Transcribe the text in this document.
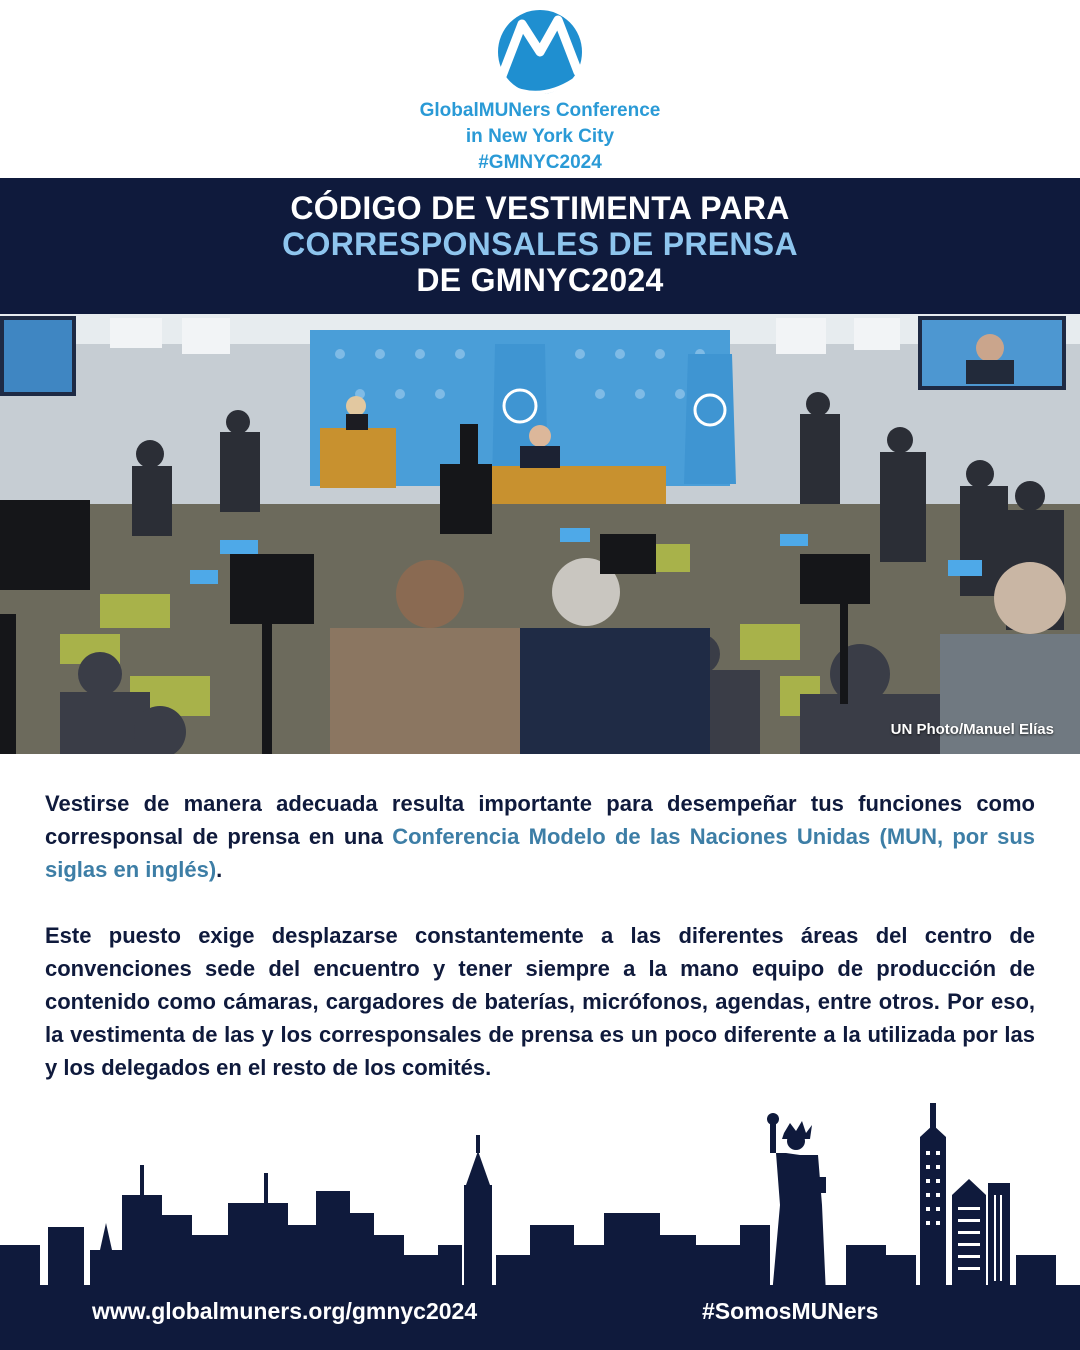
GlobalMUNers Conference
in New York City
#GMNYC2024
CÓDIGO DE VESTIMENTA PARA
CORRESPONSALES DE PRENSA
DE GMNYC2024
UN Photo/Manuel Elías

Vestirse de manera adecuada resulta importante para desempeñar tus funciones como corresponsal de prensa en una Conferencia Modelo de las Naciones Unidas (MUN, por sus siglas en inglés).

Este puesto exige desplazarse constantemente a las diferentes áreas del centro de convenciones sede del encuentro y tener siempre a la mano equipo de producción de contenido como cámaras, cargadores de baterías, micrófonos, agendas, entre otros. Por eso, la vestimenta de las y los corresponsales de prensa es un poco diferente a la utilizada por las y los delegados en el resto de los comités.

www.globalmuners.org/gmnyc2024	#SomosMUNers
